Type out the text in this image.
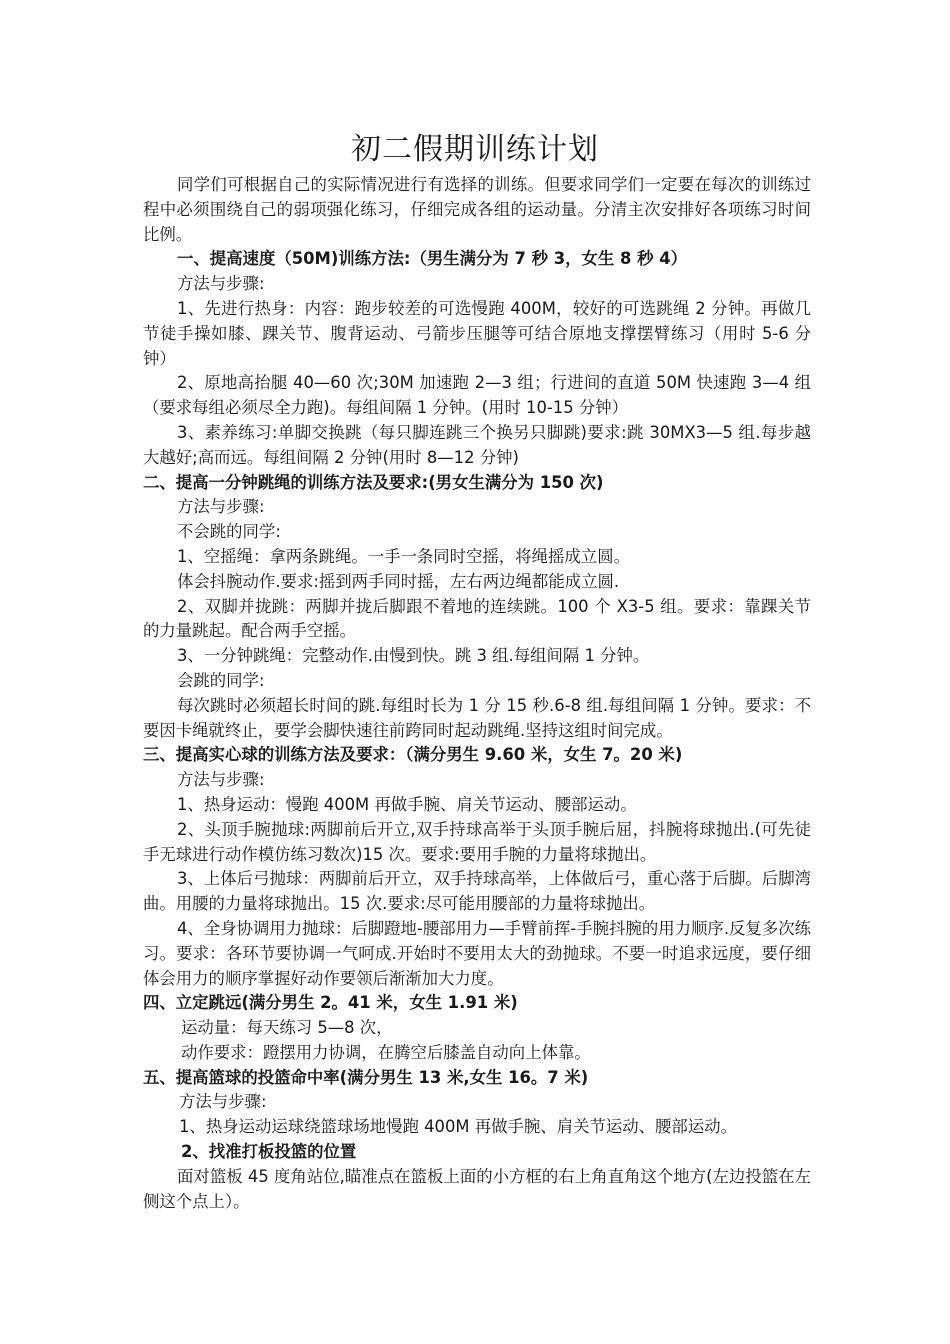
初二假期训练计划

同学们可根据自己的实际情况进行有选择的训练。但要求同学们一定要在每次的训练过程中必须围绕自己的弱项强化练习，仔细完成各组的运动量。分清主次安排好各项练习时间比例。

一、提高速度（50M)训练方法:（男生满分为 7 秒 3，女生 8 秒 4）

方法与步骤:

1、先进行热身：内容：跑步较差的可选慢跑 400M，较好的可选跳绳 2 分钟。再做几节徒手操如膝、踝关节、腹背运动、弓箭步压腿等可结合原地支撑摆臂练习（用时 5-6 分钟）

2、原地高抬腿 40—60 次;30M 加速跑 2—3 组；行进间的直道 50M 快速跑 3—4 组（要求每组必须尽全力跑)。每组间隔 1 分钟。(用时 10-15 分钟）

3、素养练习:单脚交换跳（每只脚连跳三个换另只脚跳)要求:跳 30MX3—5 组.每步越大越好;高而远。每组间隔 2 分钟(用时 8—12 分钟)

二、提高一分钟跳绳的训练方法及要求:(男女生满分为 150 次)

方法与步骤:

不会跳的同学:

1、空摇绳：拿两条跳绳。一手一条同时空摇，将绳摇成立圆。

体会抖腕动作.要求:摇到两手同时摇，左右两边绳都能成立圆.

2、双脚并拢跳：两脚并拢后脚跟不着地的连续跳。100 个 X3-5 组。要求：靠踝关节的力量跳起。配合两手空摇。

3、一分钟跳绳：完整动作.由慢到快。跳 3 组.每组间隔 1 分钟。

会跳的同学:

每次跳时必须超长时间的跳.每组时长为 1 分 15 秒.6-8 组.每组间隔 1 分钟。要求：不要因卡绳就终止，要学会脚快速往前跨同时起动跳绳.坚持这组时间完成。

三、提高实心球的训练方法及要求：（满分男生 9.60 米，女生 7。20 米)

方法与步骤:

1、热身运动：慢跑 400M 再做手腕、肩关节运动、腰部运动。

2、头顶手腕抛球:两脚前后开立,双手持球高举于头顶手腕后屈，抖腕将球抛出.(可先徒手无球进行动作模仿练习数次)15 次。要求:要用手腕的力量将球抛出。

3、上体后弓抛球：两脚前后开立，双手持球高举，上体做后弓，重心落于后脚。后脚湾曲。用腰的力量将球抛出。15 次.要求:尽可能用腰部的力量将球抛出。

4、全身协调用力抛球：后脚蹬地-腰部用力—手臂前挥-手腕抖腕的用力顺序.反复多次练习。要求：各环节要协调一气呵成.开始时不要用太大的劲抛球。不要一时追求远度，要仔细体会用力的顺序掌握好动作要领后渐渐加大力度。

四、立定跳远(满分男生 2。41 米，女生 1.91 米)

运动量：每天练习 5—8 次，

动作要求：蹬摆用力协调，在腾空后膝盖自动向上体靠。

五、提高篮球的投篮命中率(满分男生 13 米,女生 16。7 米)

方法与步骤:

1、热身运动运球绕篮球场地慢跑 400M 再做手腕、肩关节运动、腰部运动。

2、找准打板投篮的位置

面对篮板 45 度角站位,瞄准点在篮板上面的小方框的右上角直角这个地方(左边投篮在左侧这个点上）。
